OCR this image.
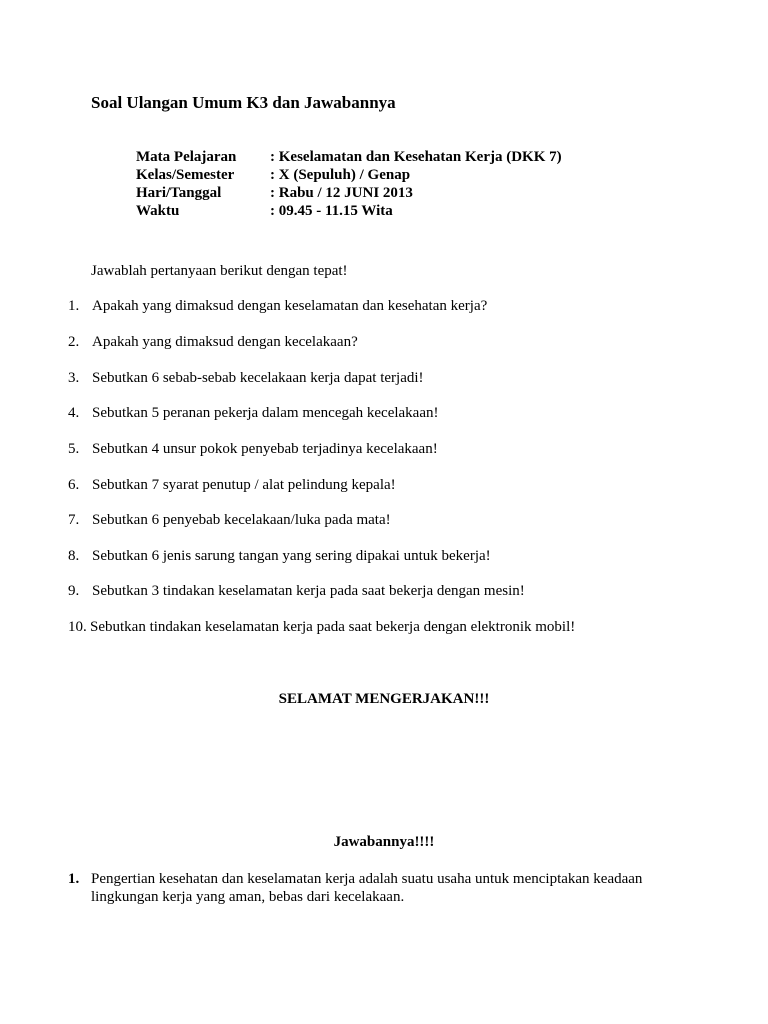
Soal Ulangan Umum K3 dan Jawabannya
Mata Pelajaran : Keselamatan dan Kesehatan Kerja (DKK 7)
Kelas/Semester : X (Sepuluh) / Genap
Hari/Tanggal	: Rabu / 12 JUNI 2013
Waktu	: 09.45 - 11.15 Wita
Jawablah pertanyaan berikut dengan tepat!
1. Apakah yang dimaksud dengan keselamatan dan kesehatan kerja?
2. Apakah yang dimaksud dengan kecelakaan?
3. Sebutkan 6 sebab-sebab kecelakaan kerja dapat terjadi!
4. Sebutkan 5 peranan pekerja dalam mencegah kecelakaan!
5. Sebutkan 4 unsur pokok penyebab terjadinya kecelakaan!
6. Sebutkan 7 syarat penutup / alat pelindung kepala!
7. Sebutkan 6 penyebab kecelakaan/luka pada mata!
8. Sebutkan 6 jenis sarung tangan yang sering dipakai untuk bekerja!
9. Sebutkan 3 tindakan keselamatan kerja pada saat bekerja dengan mesin!
10. Sebutkan tindakan keselamatan kerja pada saat bekerja dengan elektronik mobil!
SELAMAT MENGERJAKAN!!!
Jawabannya!!!!
1. Pengertian kesehatan dan keselamatan kerja adalah suatu usaha untuk menciptakan keadaan lingkungan kerja yang aman, bebas dari kecelakaan.
